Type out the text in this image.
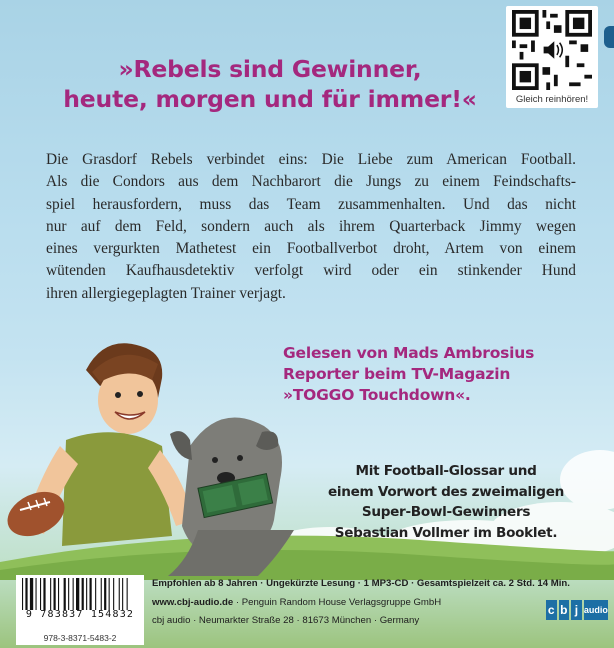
Gleich reinhören!
»Rebels sind Gewinner,
heute, morgen und für immer!«
Die Grasdorf Rebels verbindet eins: Die Liebe zum American Football.
Als die Condors aus dem Nachbarort die Jungs zu einem Feindschafts-
spiel herausfordern, muss das Team zusammenhalten. Und das nicht
nur auf dem Feld, sondern auch als ihrem Quarterback Jimmy wegen
eines vergurkten Mathetest ein Footballverbot droht, Artem von einem
wütenden Kaufhausdetektiv verfolgt wird oder ein stinkender Hund
ihren allergiegeplagten Trainer verjagt.
Gelesen von Mads Ambrosius
Reporter beim TV-Magazin
»TOGGO Touchdown«.
Mit Football-Glossar und
einem Vorwort des zweimaligen
Super-Bowl-Gewinners
Sebastian Vollmer im Booklet.
9 783837 154832
978-3-8371-5483-2
Empfohlen ab 8 Jahren · Ungekürzte Lesung · 1 MP3-CD · Gesamtspielzeit ca. 2 Std. 14 Min.
www.cbj-audio.de · Penguin Random House Verlagsgruppe GmbH
cbj audio · Neumarkter Straße 28 · 81673 München · Germany
c b j audio
